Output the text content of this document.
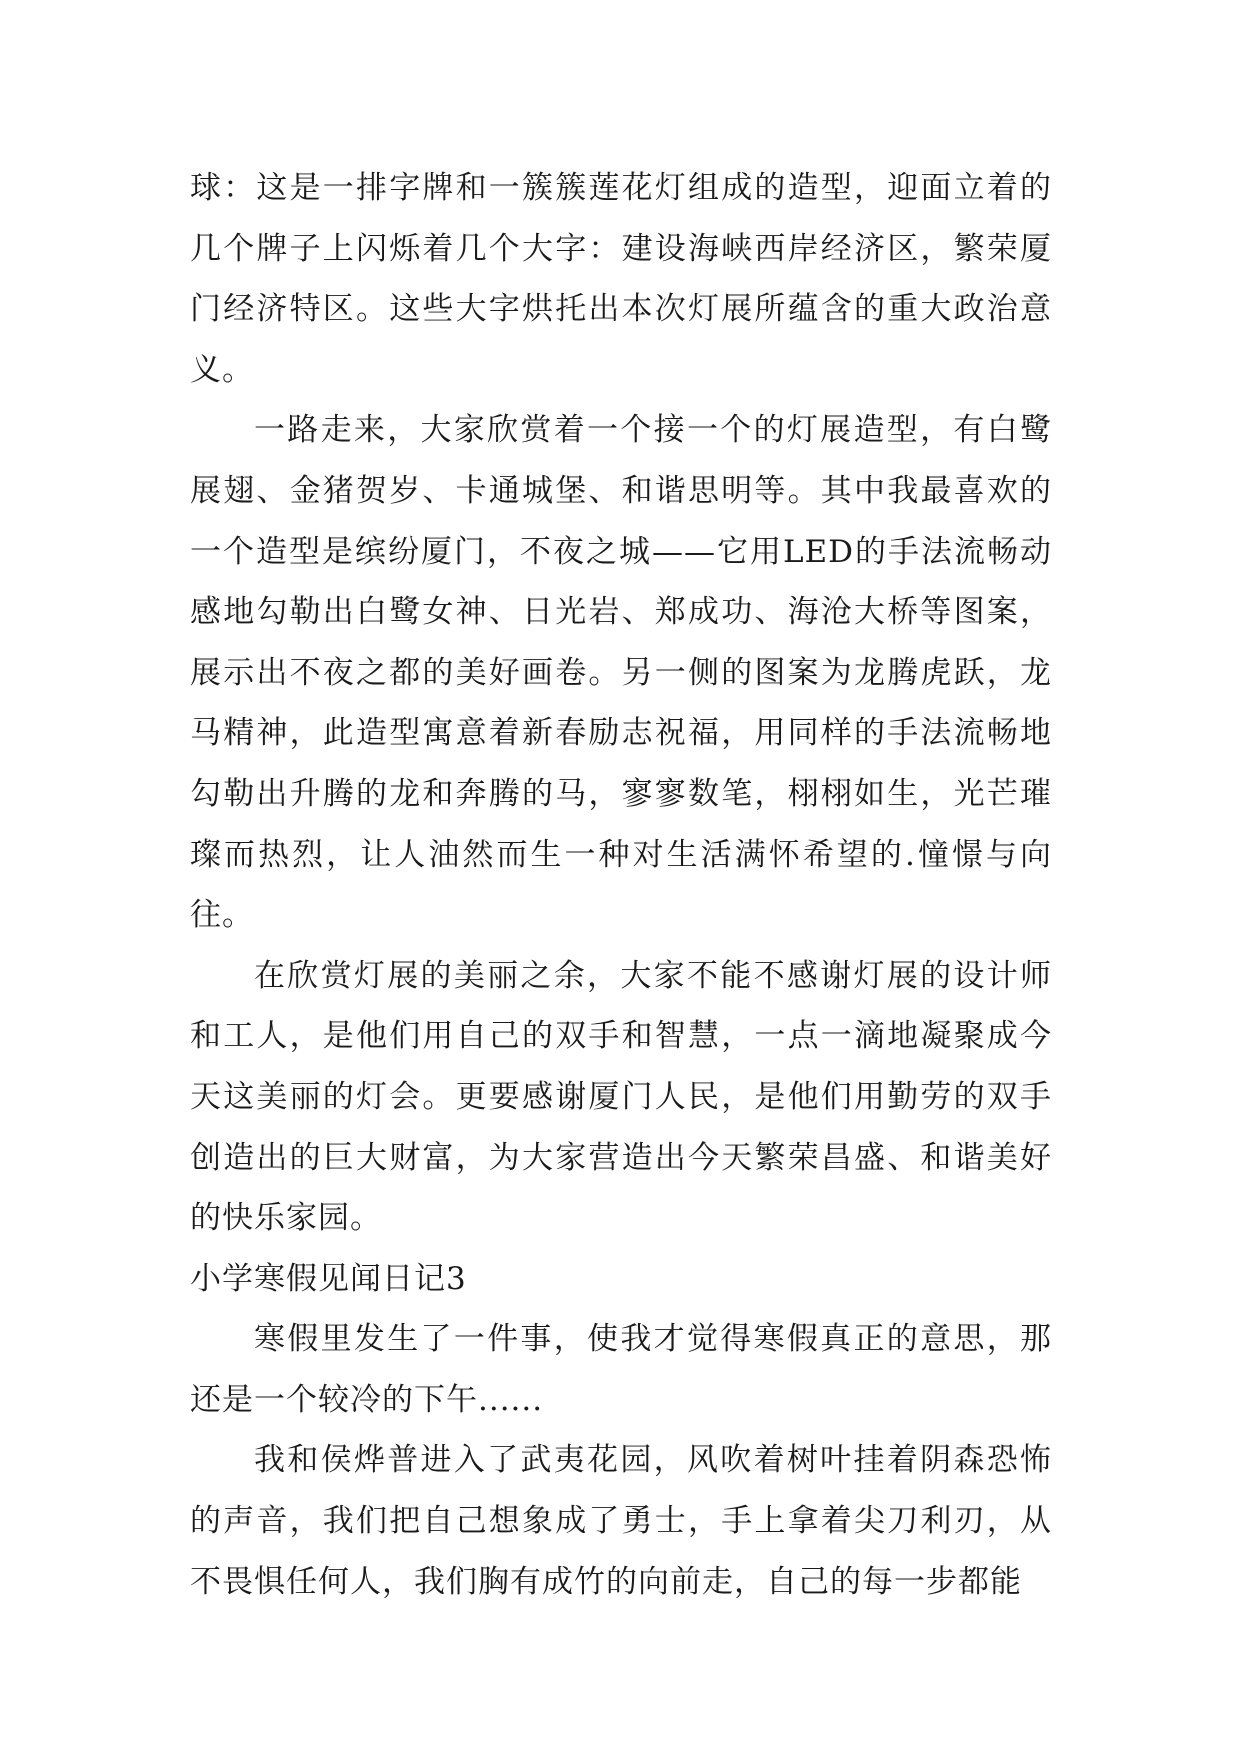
球：这是一排字牌和一簇簇莲花灯组成的造型，迎面立着的几个牌子上闪烁着几个大字：建设海峡西岸经济区，繁荣厦门经济特区。这些大字烘托出本次灯展所蕴含的重大政治意义。

一路走来，大家欣赏着一个接一个的灯展造型，有白鹭展翅、金猪贺岁、卡通城堡、和谐思明等。其中我最喜欢的一个造型是缤纷厦门，不夜之城——它用LED的手法流畅动感地勾勒出白鹭女神、日光岩、郑成功、海沧大桥等图案，展示出不夜之都的美好画卷。另一侧的图案为龙腾虎跃，龙马精神，此造型寓意着新春励志祝福，用同样的手法流畅地勾勒出升腾的龙和奔腾的马，寥寥数笔，栩栩如生，光芒璀璨而热烈，让人油然而生一种对生活满怀希望的.憧憬与向往。

在欣赏灯展的美丽之余，大家不能不感谢灯展的设计师和工人，是他们用自己的双手和智慧，一点一滴地凝聚成今天这美丽的灯会。更要感谢厦门人民，是他们用勤劳的双手创造出的巨大财富，为大家营造出今天繁荣昌盛、和谐美好的快乐家园。

小学寒假见闻日记3

寒假里发生了一件事，使我才觉得寒假真正的意思，那还是一个较冷的下午......

我和侯烨普进入了武夷花园，风吹着树叶挂着阴森恐怖的声音，我们把自己想象成了勇士，手上拿着尖刀利刃，从不畏惧任何人，我们胸有成竹的向前走，自己的每一步都能
